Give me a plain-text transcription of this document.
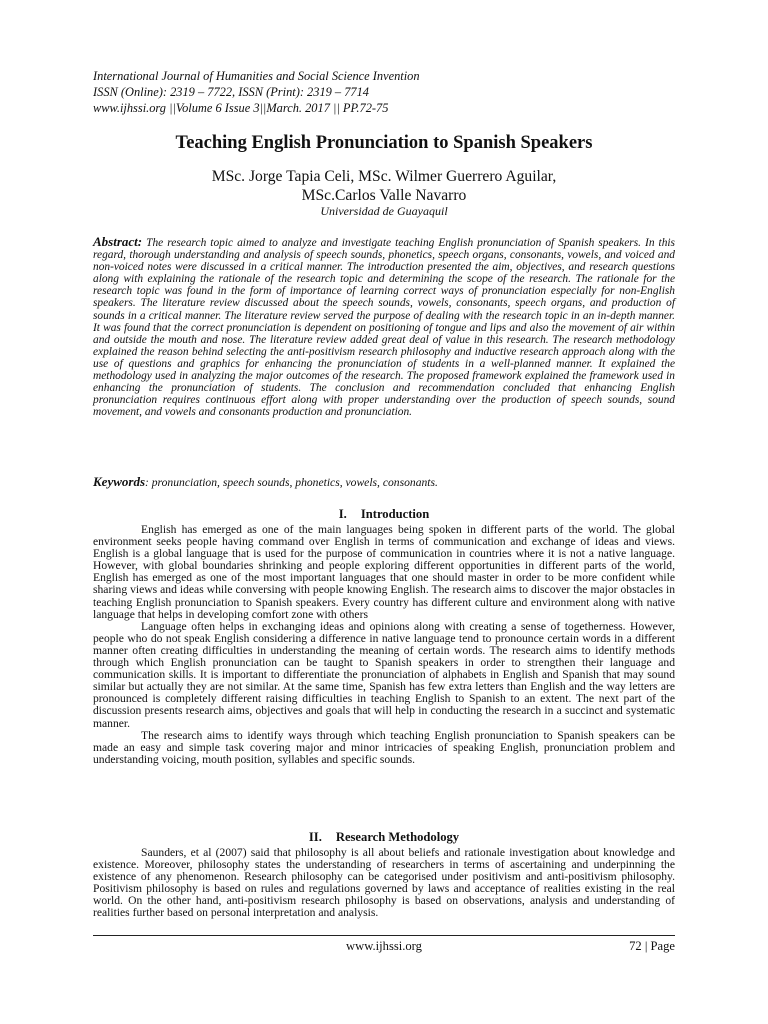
International Journal of Humanities and Social Science Invention
ISSN (Online): 2319 – 7722, ISSN (Print): 2319 – 7714
www.ijhssi.org ||Volume 6 Issue 3||March. 2017 || PP.72-75
Teaching English Pronunciation to Spanish Speakers
MSc. Jorge Tapia Celi, MSc. Wilmer Guerrero Aguilar,
MSc.Carlos Valle Navarro
Universidad de Guayaquil
Abstract: The research topic aimed to analyze and investigate teaching English pronunciation of Spanish speakers. In this regard, thorough understanding and analysis of speech sounds, phonetics, speech organs, consonants, vowels, and voiced and non-voiced notes were discussed in a critical manner. The introduction presented the aim, objectives, and research questions along with explaining the rationale of the research topic and determining the scope of the research. The rationale for the research topic was found in the form of importance of learning correct ways of pronunciation especially for non-English speakers. The literature review discussed about the speech sounds, vowels, consonants, speech organs, and production of sounds in a critical manner. The literature review served the purpose of dealing with the research topic in an in-depth manner. It was found that the correct pronunciation is dependent on positioning of tongue and lips and also the movement of air within and outside the mouth and nose. The literature review added great deal of value in this research. The research methodology explained the reason behind selecting the anti-positivism research philosophy and inductive research approach along with the use of questions and graphics for enhancing the pronunciation of students in a well-planned manner. It explained the methodology used in analyzing the major outcomes of the research. The proposed framework explained the framework used in enhancing the pronunciation of students. The conclusion and recommendation concluded that enhancing English pronunciation requires continuous effort along with proper understanding over the production of speech sounds, sound movement, and vowels and consonants production and pronunciation.
Keywords: pronunciation, speech sounds, phonetics, vowels, consonants.
I. Introduction

English has emerged as one of the main languages being spoken in different parts of the world. The global environment seeks people having command over English in terms of communication and exchange of ideas and views. English is a global language that is used for the purpose of communication in countries where it is not a native language. However, with global boundaries shrinking and people exploring different opportunities in different parts of the world, English has emerged as one of the most important languages that one should master in order to be more confident while sharing views and ideas while conversing with people knowing English. The research aims to discover the major obstacles in teaching English pronunciation to Spanish speakers. Every country has different culture and environment along with native language that helps in developing comfort zone with others

Language often helps in exchanging ideas and opinions along with creating a sense of togetherness. However, people who do not speak English considering a difference in native language tend to pronounce certain words in a different manner often creating difficulties in understanding the meaning of certain words. The research aims to identify methods through which English pronunciation can be taught to Spanish speakers in order to strengthen their language and communication skills. It is important to differentiate the pronunciation of alphabets in English and Spanish that may sound similar but actually they are not similar. At the same time, Spanish has few extra letters than English and the way letters are pronounced is completely different raising difficulties in teaching English to Spanish to an extent. The next part of the discussion presents research aims, objectives and goals that will help in conducting the research in a succinct and systematic manner.

The research aims to identify ways through which teaching English pronunciation to Spanish speakers can be made an easy and simple task covering major and minor intricacies of speaking English, pronunciation problem and understanding voicing, mouth position, syllables and specific sounds.

II. Research Methodology

Saunders, et al (2007) said that philosophy is all about beliefs and rationale investigation about knowledge and existence. Moreover, philosophy states the understanding of researchers in terms of ascertaining and underpinning the existence of any phenomenon. Research philosophy can be categorised under positivism and anti-positivism philosophy. Positivism philosophy is based on rules and regulations governed by laws and acceptance of realities existing in the real world. On the other hand, anti-positivism research philosophy is based on observations, analysis and understanding of realities further based on personal interpretation and analysis.

www.ijhssi.org	72 | Page
